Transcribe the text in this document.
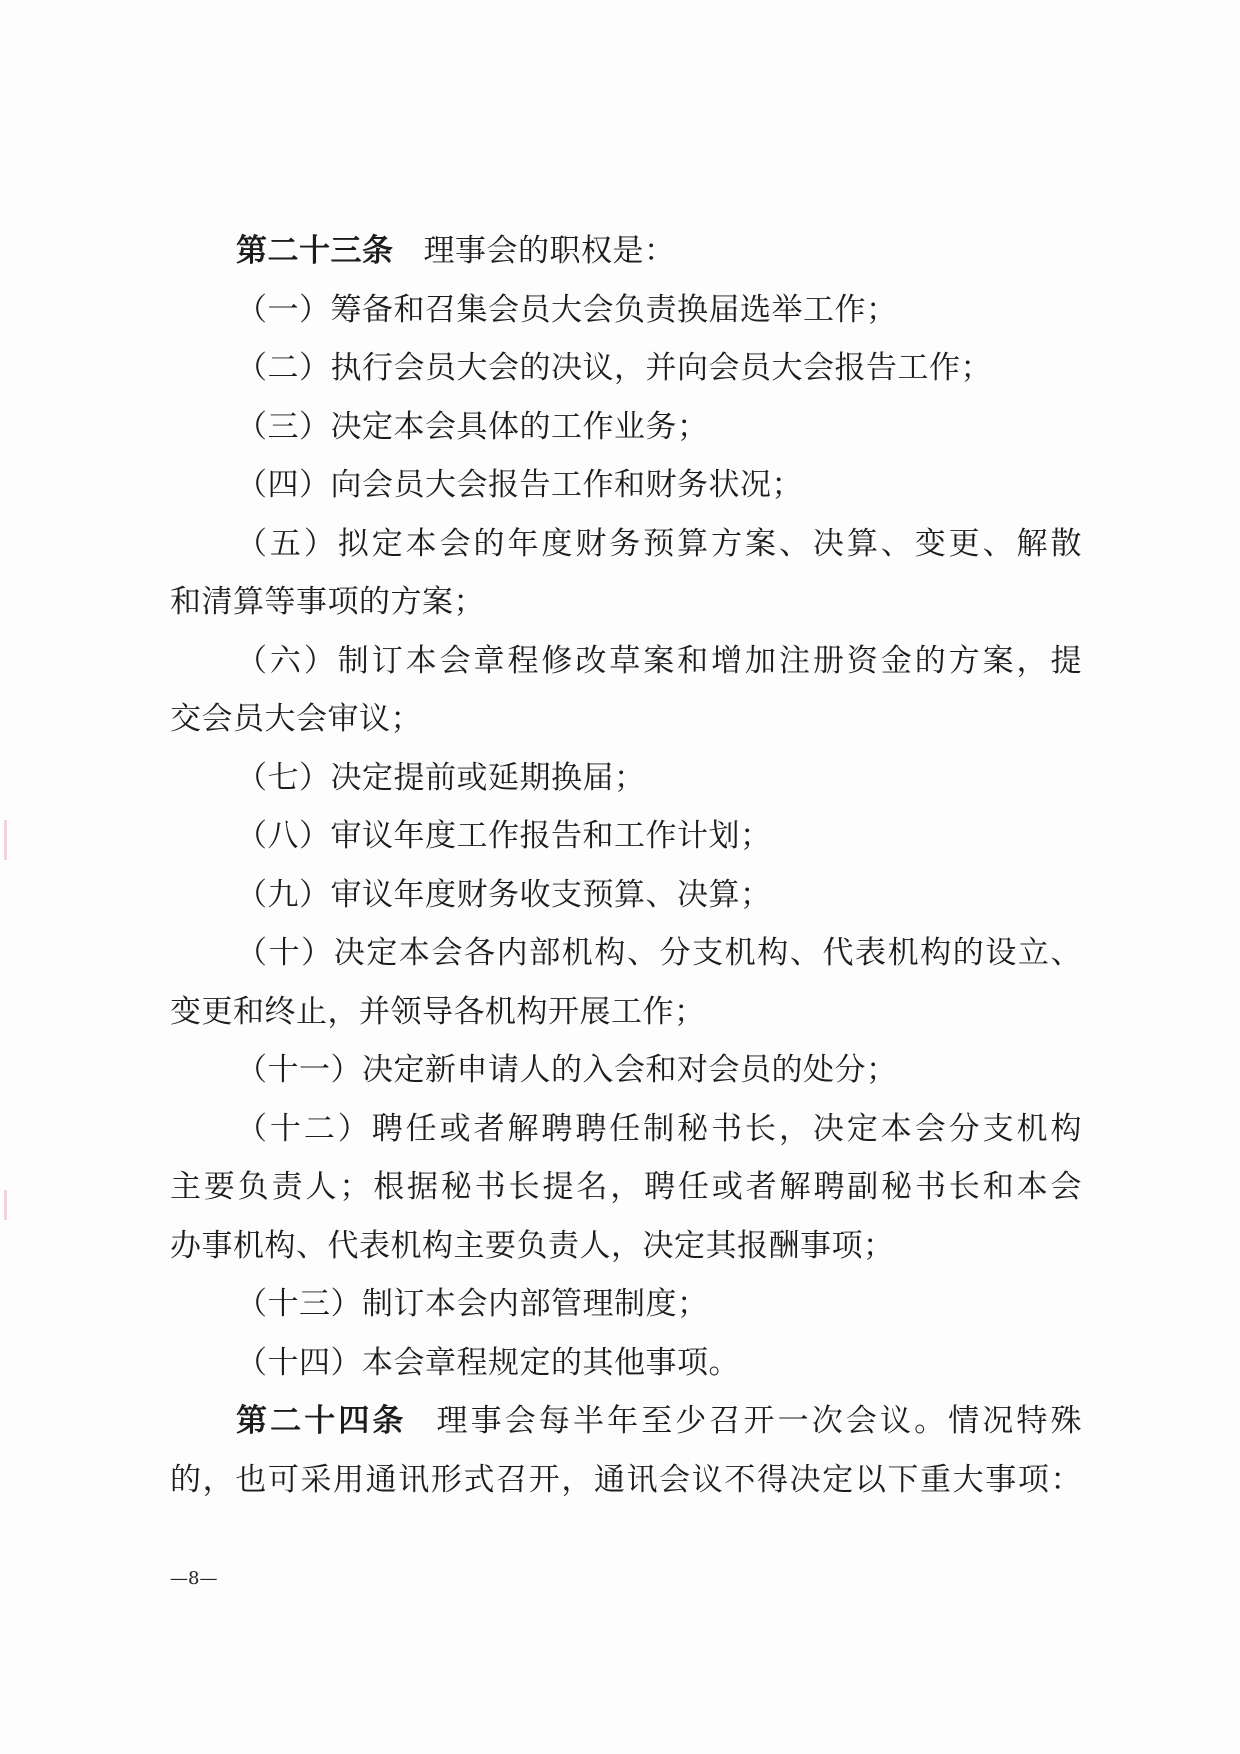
第二十三条 理事会的职权是：
（一）筹备和召集会员大会负责换届选举工作；
（二）执行会员大会的决议，并向会员大会报告工作；
（三）决定本会具体的工作业务；
（四）向会员大会报告工作和财务状况；
（五）拟定本会的年度财务预算方案、决算、变更、解散
和清算等事项的方案；
（六）制订本会章程修改草案和增加注册资金的方案，提
交会员大会审议；
（七）决定提前或延期换届；
（八）审议年度工作报告和工作计划；
（九）审议年度财务收支预算、决算；
（十）决定本会各内部机构、分支机构、代表机构的设立、
变更和终止，并领导各机构开展工作；
（十一）决定新申请人的入会和对会员的处分；
（十二）聘任或者解聘聘任制秘书长，决定本会分支机构
主要负责人；根据秘书长提名，聘任或者解聘副秘书长和本会
办事机构、代表机构主要负责人，决定其报酬事项；
（十三）制订本会内部管理制度；
（十四）本会章程规定的其他事项。
第二十四条 理事会每半年至少召开一次会议。情况特殊
的，也可采用通讯形式召开，通讯会议不得决定以下重大事项：
—8—
